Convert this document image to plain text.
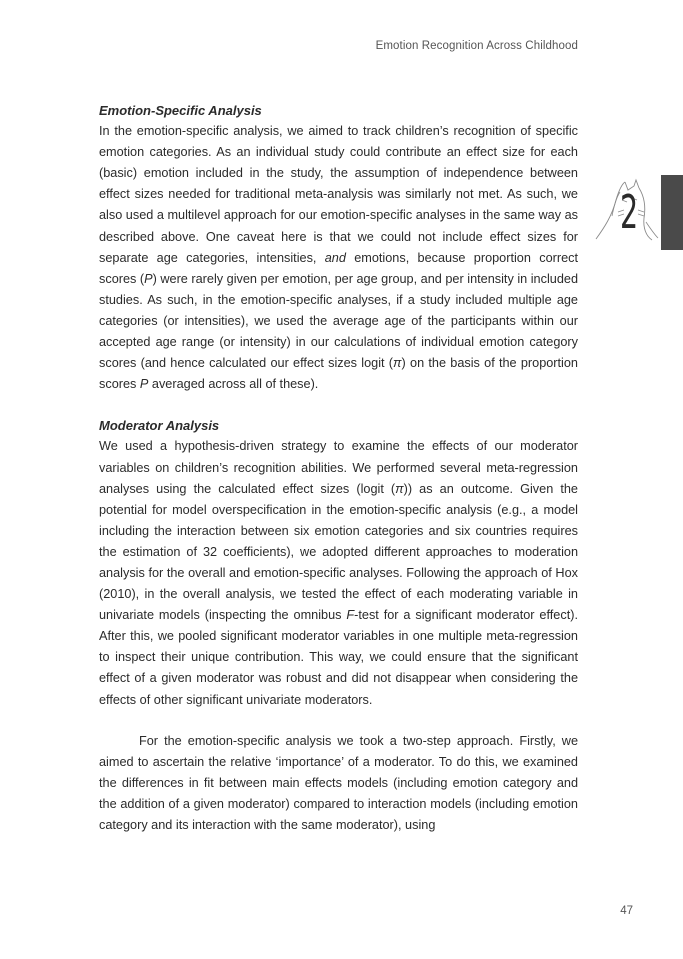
Emotion Recognition Across Childhood
2
Emotion-Specific Analysis

In the emotion-specific analysis, we aimed to track children’s recognition of specific emotion categories. As an individual study could contribute an effect size for each (basic) emotion included in the study, the assumption of independence between effect sizes needed for traditional meta-analysis was similarly not met. As such, we also used a multilevel approach for our emotion-specific analyses in the same way as described above. One caveat here is that we could not include effect sizes for separate age categories, intensities, and emotions, because proportion correct scores (P) were rarely given per emotion, per age group, and per intensity in included studies. As such, in the emotion-specific analyses, if a study included multiple age categories (or intensities), we used the average age of the participants within our accepted age range (or intensity) in our calculations of individual emotion category scores (and hence calculated our effect sizes logit (π) on the basis of the proportion scores P averaged across all of these).

Moderator Analysis

We used a hypothesis-driven strategy to examine the effects of our moderator variables on children’s recognition abilities. We performed several meta-regression analyses using the calculated effect sizes (logit (π)) as an outcome. Given the potential for model overspecification in the emotion-specific analysis (e.g., a model including the interaction between six emotion categories and six countries requires the estimation of 32 coefficients), we adopted different approaches to moderation analysis for the overall and emotion-specific analyses. Following the approach of Hox (2010), in the overall analysis, we tested the effect of each moderating variable in univariate models (inspecting the omnibus F-test for a significant moderator effect). After this, we pooled significant moderator variables in one multiple meta-regression to inspect their unique contribution. This way, we could ensure that the significant effect of a given moderator was robust and did not disappear when considering the effects of other significant univariate moderators.

For the emotion-specific analysis we took a two-step approach. Firstly, we aimed to ascertain the relative ‘importance’ of a moderator. To do this, we examined the differences in fit between main effects models (including emotion category and the addition of a given moderator) compared to interaction models (including emotion category and its interaction with the same moderator), using

47
